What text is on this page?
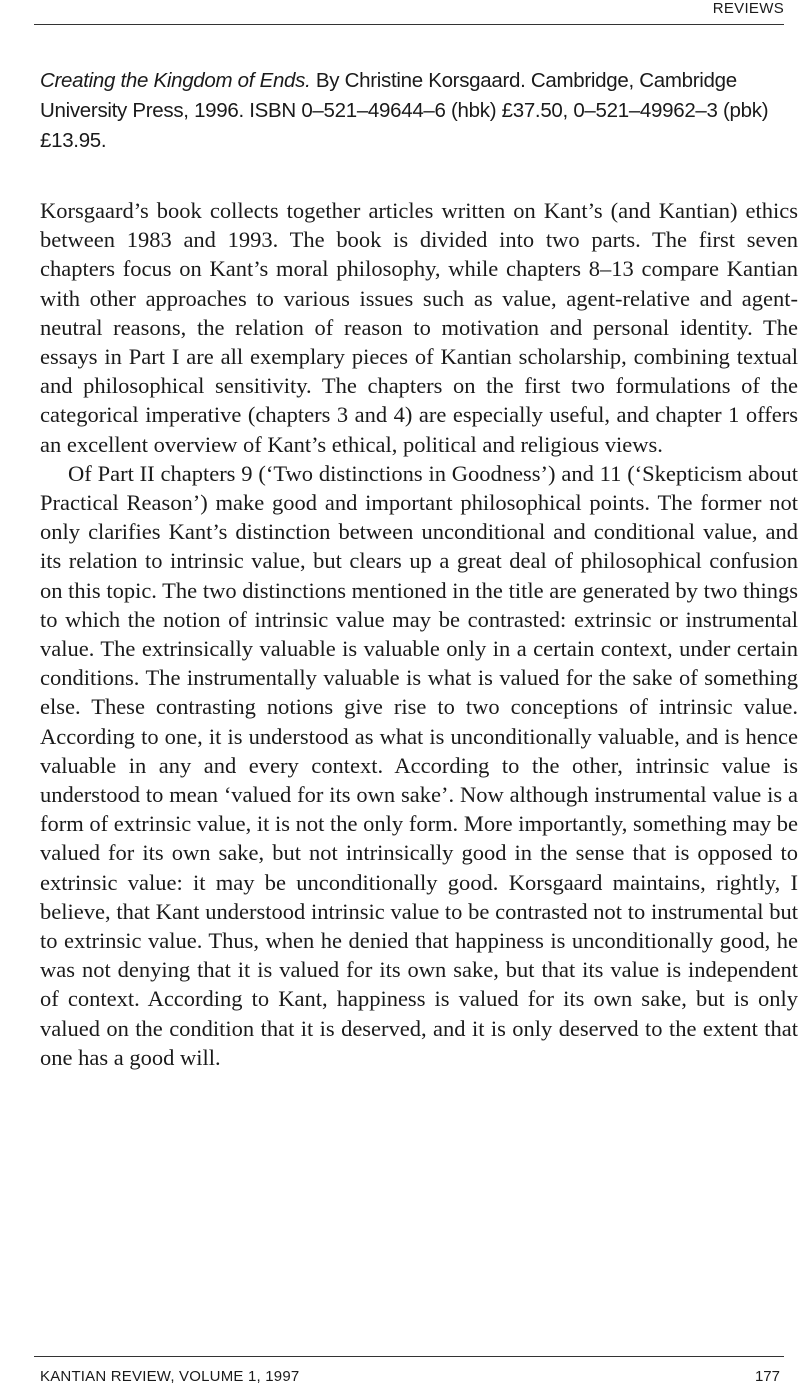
REVIEWS
Creating the Kingdom of Ends. By Christine Korsgaard. Cambridge, Cambridge University Press, 1996. ISBN 0–521–49644–6 (hbk) £37.50, 0–521–49962–3 (pbk) £13.95.

Korsgaard’s book collects together articles written on Kant’s (and Kantian) ethics between 1983 and 1993. The book is divided into two parts. The first seven chapters focus on Kant’s moral philosophy, while chapters 8–13 compare Kantian with other approaches to various issues such as value, agent-relative and agent-neutral reasons, the relation of reason to motivation and personal identity. The essays in Part I are all exemplary pieces of Kantian scholarship, combining textual and philosophical sensitivity. The chapters on the first two formulations of the categorical imperative (chapters 3 and 4) are especially useful, and chapter 1 offers an excellent overview of Kant’s ethical, political and religious views.

Of Part II chapters 9 (‘Two distinctions in Goodness’) and 11 (‘Skepticism about Practical Reason’) make good and important philosophical points. The former not only clarifies Kant’s distinction between unconditional and conditional value, and its relation to intrinsic value, but clears up a great deal of philosophical confusion on this topic. The two distinctions mentioned in the title are generated by two things to which the notion of intrinsic value may be contrasted: extrinsic or instrumental value. The extrinsically valuable is valuable only in a certain context, under certain conditions. The instrumentally valuable is what is valued for the sake of something else. These contrasting notions give rise to two conceptions of intrinsic value. According to one, it is understood as what is unconditionally valuable, and is hence valuable in any and every context. According to the other, intrinsic value is understood to mean ‘valued for its own sake’. Now although instrumental value is a form of extrinsic value, it is not the only form. More importantly, something may be valued for its own sake, but not intrinsically good in the sense that is opposed to extrinsic value: it may be unconditionally good. Korsgaard maintains, rightly, I believe, that Kant understood intrinsic value to be contrasted not to instrumental but to extrinsic value. Thus, when he denied that happiness is unconditionally good, he was not denying that it is valued for its own sake, but that its value is independent of context. According to Kant, happiness is valued for its own sake, but is only valued on the condition that it is deserved, and it is only deserved to the extent that one has a good will.

KANTIAN REVIEW, VOLUME 1, 1997	177
